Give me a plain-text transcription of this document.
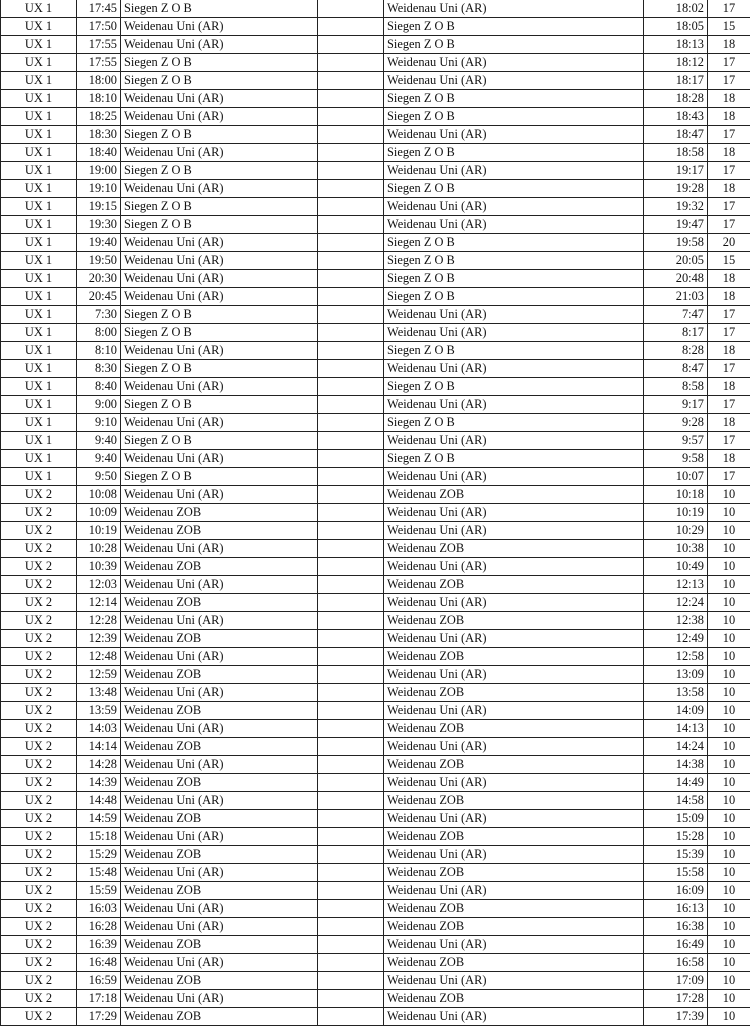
UX 1	17:45	Siegen Z O B		Weidenau Uni (AR)	18:02	17
UX 1	17:50	Weidenau Uni (AR)		Siegen Z O B	18:05	15
UX 1	17:55	Weidenau Uni (AR)		Siegen Z O B	18:13	18
UX 1	17:55	Siegen Z O B		Weidenau Uni (AR)	18:12	17
UX 1	18:00	Siegen Z O B		Weidenau Uni (AR)	18:17	17
UX 1	18:10	Weidenau Uni (AR)		Siegen Z O B	18:28	18
UX 1	18:25	Weidenau Uni (AR)		Siegen Z O B	18:43	18
UX 1	18:30	Siegen Z O B		Weidenau Uni (AR)	18:47	17
UX 1	18:40	Weidenau Uni (AR)		Siegen Z O B	18:58	18
UX 1	19:00	Siegen Z O B		Weidenau Uni (AR)	19:17	17
UX 1	19:10	Weidenau Uni (AR)		Siegen Z O B	19:28	18
UX 1	19:15	Siegen Z O B		Weidenau Uni (AR)	19:32	17
UX 1	19:30	Siegen Z O B		Weidenau Uni (AR)	19:47	17
UX 1	19:40	Weidenau Uni (AR)		Siegen Z O B	19:58	20
UX 1	19:50	Weidenau Uni (AR)		Siegen Z O B	20:05	15
UX 1	20:30	Weidenau Uni (AR)		Siegen Z O B	20:48	18
UX 1	20:45	Weidenau Uni (AR)		Siegen Z O B	21:03	18
UX 1	7:30	Siegen Z O B		Weidenau Uni (AR)	7:47	17
UX 1	8:00	Siegen Z O B		Weidenau Uni (AR)	8:17	17
UX 1	8:10	Weidenau Uni (AR)		Siegen Z O B	8:28	18
UX 1	8:30	Siegen Z O B		Weidenau Uni (AR)	8:47	17
UX 1	8:40	Weidenau Uni (AR)		Siegen Z O B	8:58	18
UX 1	9:00	Siegen Z O B		Weidenau Uni (AR)	9:17	17
UX 1	9:10	Weidenau Uni (AR)		Siegen Z O B	9:28	18
UX 1	9:40	Siegen Z O B		Weidenau Uni (AR)	9:57	17
UX 1	9:40	Weidenau Uni (AR)		Siegen Z O B	9:58	18
UX 1	9:50	Siegen Z O B		Weidenau Uni (AR)	10:07	17
UX 2	10:08	Weidenau Uni (AR)		Weidenau ZOB	10:18	10
UX 2	10:09	Weidenau ZOB		Weidenau Uni (AR)	10:19	10
UX 2	10:19	Weidenau ZOB		Weidenau Uni (AR)	10:29	10
UX 2	10:28	Weidenau Uni (AR)		Weidenau ZOB	10:38	10
UX 2	10:39	Weidenau ZOB		Weidenau Uni (AR)	10:49	10
UX 2	12:03	Weidenau Uni (AR)		Weidenau ZOB	12:13	10
UX 2	12:14	Weidenau ZOB		Weidenau Uni (AR)	12:24	10
UX 2	12:28	Weidenau Uni (AR)		Weidenau ZOB	12:38	10
UX 2	12:39	Weidenau ZOB		Weidenau Uni (AR)	12:49	10
UX 2	12:48	Weidenau Uni (AR)		Weidenau ZOB	12:58	10
UX 2	12:59	Weidenau ZOB		Weidenau Uni (AR)	13:09	10
UX 2	13:48	Weidenau Uni (AR)		Weidenau ZOB	13:58	10
UX 2	13:59	Weidenau ZOB		Weidenau Uni (AR)	14:09	10
UX 2	14:03	Weidenau Uni (AR)		Weidenau ZOB	14:13	10
UX 2	14:14	Weidenau ZOB		Weidenau Uni (AR)	14:24	10
UX 2	14:28	Weidenau Uni (AR)		Weidenau ZOB	14:38	10
UX 2	14:39	Weidenau ZOB		Weidenau Uni (AR)	14:49	10
UX 2	14:48	Weidenau Uni (AR)		Weidenau ZOB	14:58	10
UX 2	14:59	Weidenau ZOB		Weidenau Uni (AR)	15:09	10
UX 2	15:18	Weidenau Uni (AR)		Weidenau ZOB	15:28	10
UX 2	15:29	Weidenau ZOB		Weidenau Uni (AR)	15:39	10
UX 2	15:48	Weidenau Uni (AR)		Weidenau ZOB	15:58	10
UX 2	15:59	Weidenau ZOB		Weidenau Uni (AR)	16:09	10
UX 2	16:03	Weidenau Uni (AR)		Weidenau ZOB	16:13	10
UX 2	16:28	Weidenau Uni (AR)		Weidenau ZOB	16:38	10
UX 2	16:39	Weidenau ZOB		Weidenau Uni (AR)	16:49	10
UX 2	16:48	Weidenau Uni (AR)		Weidenau ZOB	16:58	10
UX 2	16:59	Weidenau ZOB		Weidenau Uni (AR)	17:09	10
UX 2	17:18	Weidenau Uni (AR)		Weidenau ZOB	17:28	10
UX 2	17:29	Weidenau ZOB		Weidenau Uni (AR)	17:39	10
